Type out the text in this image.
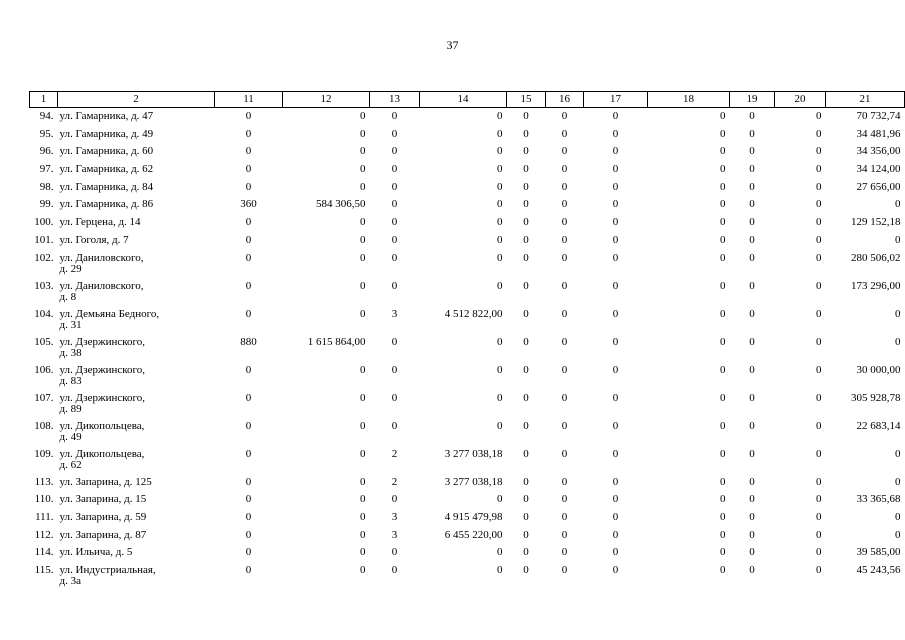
37
1	2	11	12	13	14	15	16	17	18	19	20	21
94.	ул. Гамарника, д. 47	0	0	0	0	0	0	0	0	0	0	70 732,74
95.	ул. Гамарника, д. 49	0	0	0	0	0	0	0	0	0	0	34 481,96
96.	ул. Гамарника, д. 60	0	0	0	0	0	0	0	0	0	0	34 356,00
97.	ул. Гамарника, д. 62	0	0	0	0	0	0	0	0	0	0	34 124,00
98.	ул. Гамарника, д. 84	0	0	0	0	0	0	0	0	0	0	27 656,00
99.	ул. Гамарника, д. 86	360	584 306,50	0	0	0	0	0	0	0	0	0
100.	ул. Герцена, д. 14	0	0	0	0	0	0	0	0	0	0	129 152,18
101.	ул. Гоголя, д. 7	0	0	0	0	0	0	0	0	0	0	0
102.	ул. Даниловского,
д. 29	0	0	0	0	0	0	0	0	0	0	280 506,02
103.	ул. Даниловского,
д. 8	0	0	0	0	0	0	0	0	0	0	173 296,00
104.	ул. Демьяна Бедного,
д. 31	0	0	3	4 512 822,00	0	0	0	0	0	0	0
105.	ул. Дзержинского,
д. 38	880	1 615 864,00	0	0	0	0	0	0	0	0	0
106.	ул. Дзержинского,
д. 83	0	0	0	0	0	0	0	0	0	0	30 000,00
107.	ул. Дзержинского,
д. 89	0	0	0	0	0	0	0	0	0	0	305 928,78
108.	ул. Дикопольцева,
д. 49	0	0	0	0	0	0	0	0	0	0	22 683,14
109.	ул. Дикопольцева,
д. 62	0	0	2	3 277 038,18	0	0	0	0	0	0	0
113.	ул. Запарина, д. 125	0	0	2	3 277 038,18	0	0	0	0	0	0	0
110.	ул. Запарина, д. 15	0	0	0	0	0	0	0	0	0	0	33 365,68
111.	ул. Запарина, д. 59	0	0	3	4 915 479,98	0	0	0	0	0	0	0
112.	ул. Запарина, д. 87	0	0	3	6 455 220,00	0	0	0	0	0	0	0
114.	ул. Ильича, д. 5	0	0	0	0	0	0	0	0	0	0	39 585,00
115.	ул. Индустриальная,
д. 3а	0	0	0	0	0	0	0	0	0	0	45 243,56
